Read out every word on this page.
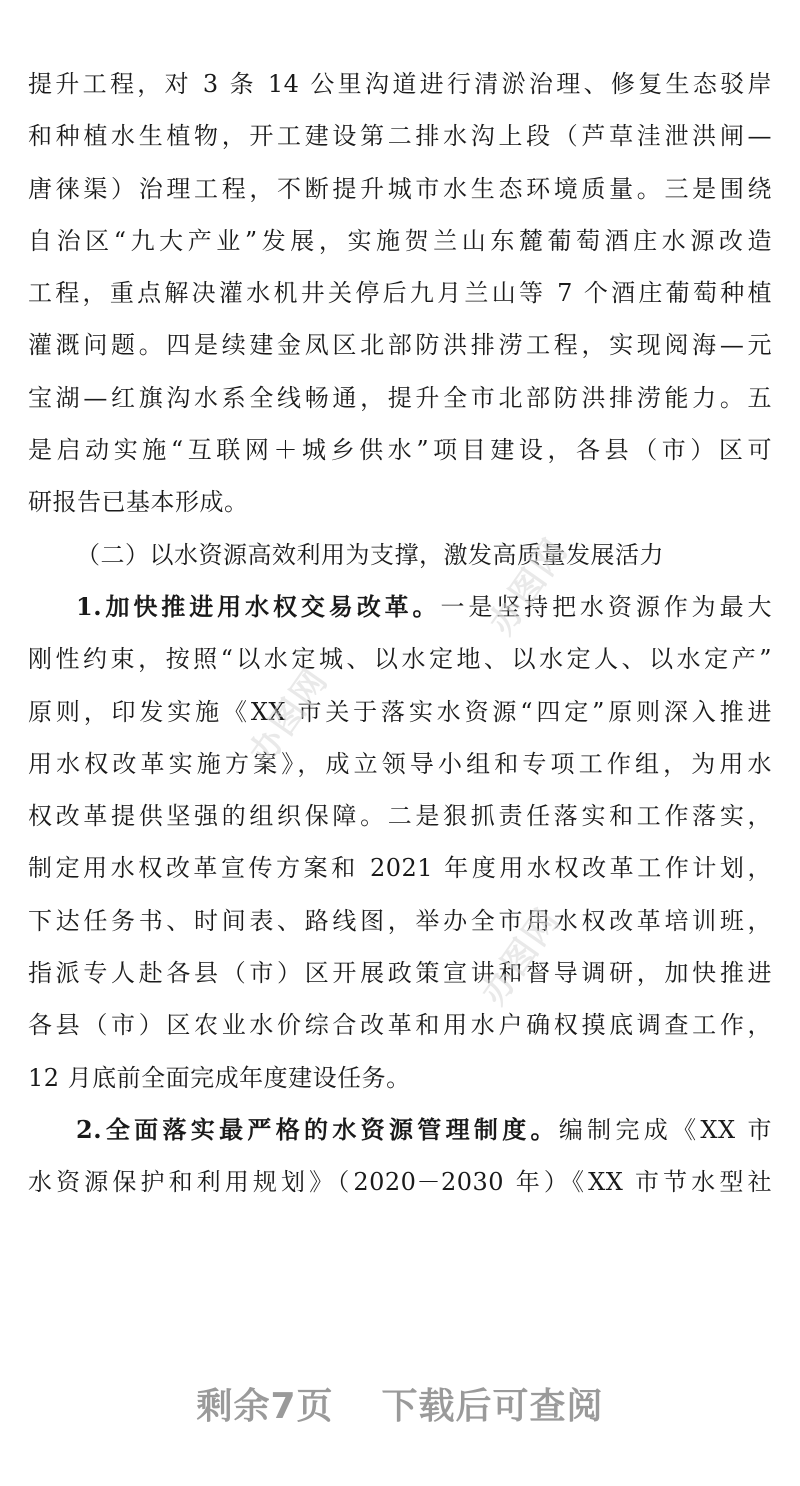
提升工程，对 3 条 14 公里沟道进行清淤治理、修复生态驳岸
和种植水生植物，开工建设第二排水沟上段（芦草洼泄洪闸—
唐徕渠）治理工程，不断提升城市水生态环境质量。三是围绕
自治区“九大产业”发展，实施贺兰山东麓葡萄酒庄水源改造
工程，重点解决灌水机井关停后九月兰山等 7 个酒庄葡萄种植
灌溉问题。四是续建金凤区北部防洪排涝工程，实现阅海—元
宝湖—红旗沟水系全线畅通，提升全市北部防洪排涝能力。五
是启动实施“互联网＋城乡供水”项目建设，各县（市）区可
研报告已基本形成。
（二）以水资源高效利用为支撑，激发高质量发展活力
1.加快推进用水权交易改革。一是坚持把水资源作为最大
刚性约束，按照“以水定城、以水定地、以水定人、以水定产”
原则，印发实施《XX 市关于落实水资源“四定”原则深入推进
用水权改革实施方案》，成立领导小组和专项工作组，为用水
权改革提供坚强的组织保障。二是狠抓责任落实和工作落实，
制定用水权改革宣传方案和 2021 年度用水权改革工作计划，
下达任务书、时间表、路线图，举办全市用水权改革培训班，
指派专人赴各县（市）区开展政策宣讲和督导调研，加快推进
各县（市）区农业水价综合改革和用水户确权摸底调查工作，
12 月底前全面完成年度建设任务。
2.全面落实最严格的水资源管理制度。编制完成《XX 市
水资源保护和利用规划》（2020－2030 年）《XX 市节水型社
办图网
办图网
办图网
剩余7页 下载后可查阅
